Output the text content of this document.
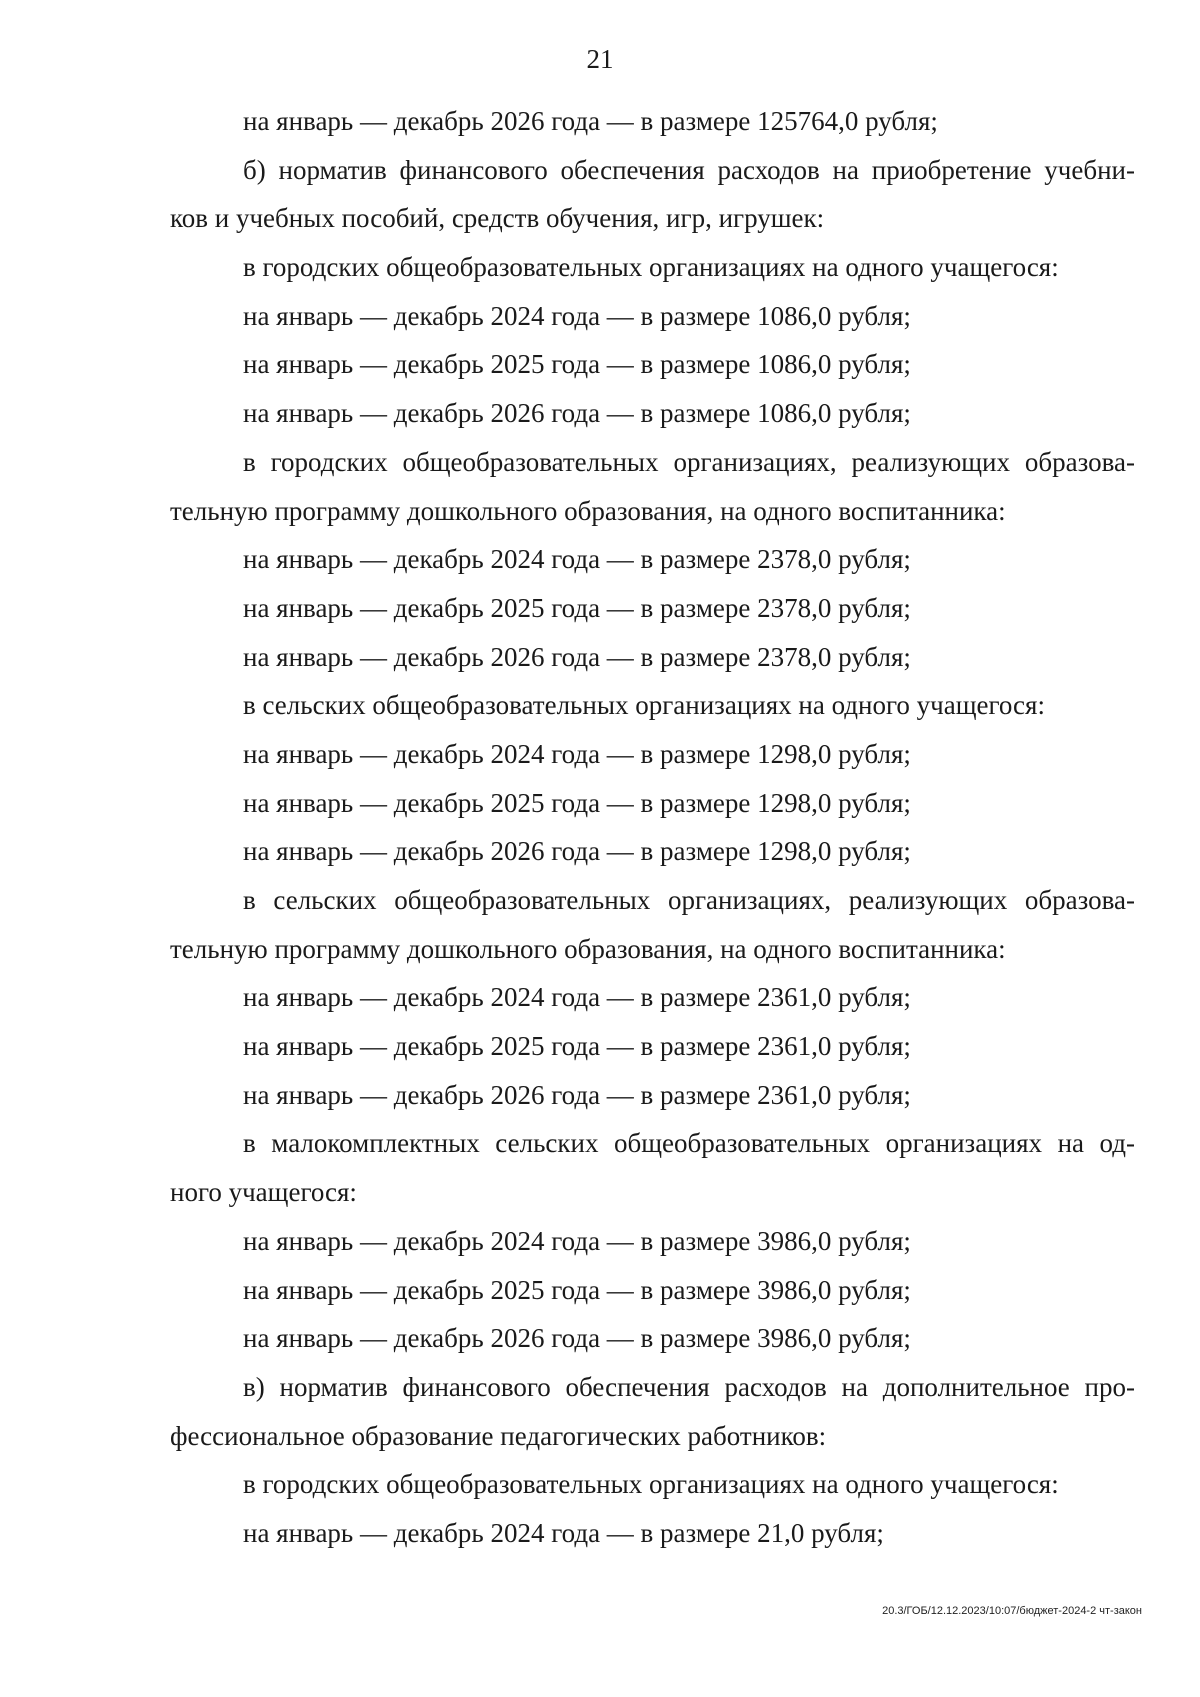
21

на январь — декабрь 2026 года — в размере 125764,0 рубля;

б) норматив финансового обеспечения расходов на приобретение учебни-

ков и учебных пособий, средств обучения, игр, игрушек:

в городских общеобразовательных организациях на одного учащегося:

на январь — декабрь 2024 года — в размере 1086,0 рубля;

на январь — декабрь 2025 года — в размере 1086,0 рубля;

на январь — декабрь 2026 года — в размере 1086,0 рубля;

в городских общеобразовательных организациях, реализующих образова-

тельную программу дошкольного образования, на одного воспитанника:

на январь — декабрь 2024 года — в размере 2378,0 рубля;

на январь — декабрь 2025 года — в размере 2378,0 рубля;

на январь — декабрь 2026 года — в размере 2378,0 рубля;

в сельских общеобразовательных организациях на одного учащегося:

на январь — декабрь 2024 года — в размере 1298,0 рубля;

на январь — декабрь 2025 года — в размере 1298,0 рубля;

на январь — декабрь 2026 года — в размере 1298,0 рубля;

в сельских общеобразовательных организациях, реализующих образова-

тельную программу дошкольного образования, на одного воспитанника:

на январь — декабрь 2024 года — в размере 2361,0 рубля;

на январь — декабрь 2025 года — в размере 2361,0 рубля;

на январь — декабрь 2026 года — в размере 2361,0 рубля;

в малокомплектных сельских общеобразовательных организациях на од-

ного учащегося:

на январь — декабрь 2024 года — в размере 3986,0 рубля;

на январь — декабрь 2025 года — в размере 3986,0 рубля;

на январь — декабрь 2026 года — в размере 3986,0 рубля;

в) норматив финансового обеспечения расходов на дополнительное про-

фессиональное образование педагогических работников:

в городских общеобразовательных организациях на одного учащегося:

на январь — декабрь 2024 года — в размере 21,0 рубля;

20.3/ГОБ/12.12.2023/10:07/бюджет-2024-2 чт-закон
